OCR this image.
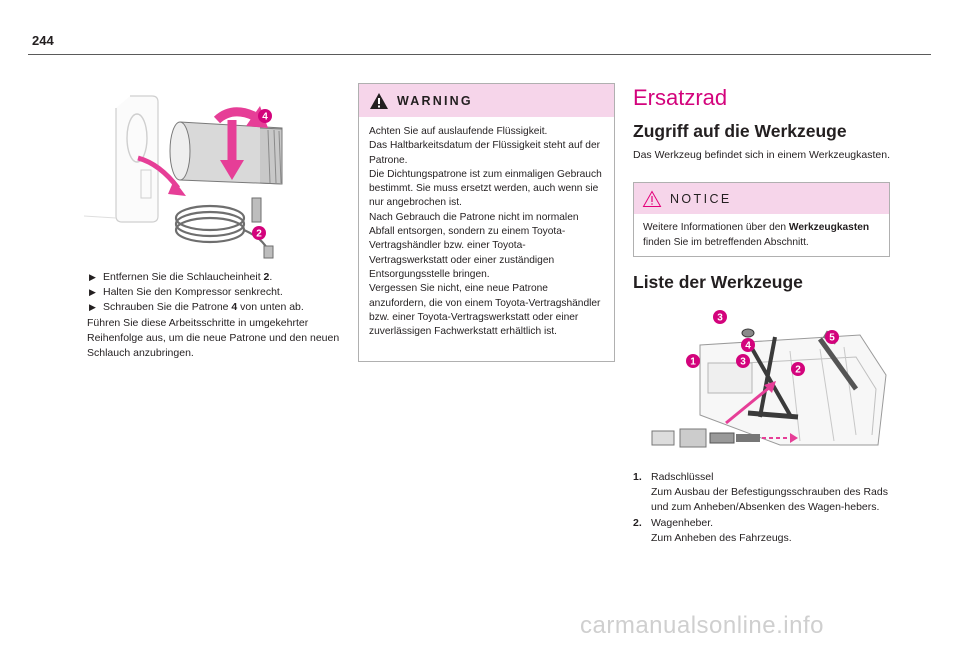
244
4
2
▶ Entfernen Sie die Schlaucheinheit 2.
▶ Halten Sie den Kompressor senkrecht.
▶ Schrauben Sie die Patrone 4 von unten ab.
Führen Sie diese Arbeitsschritte in umgekehrter Reihenfolge aus, um die neue Patrone und den neuen Schlauch anzubringen.
WARNING
Achten Sie auf auslaufende Flüssigkeit.
Das Haltbarkeitsdatum der Flüssigkeit steht auf der Patrone.
Die Dichtungspatrone ist zum einmaligen Gebrauch bestimmt. Sie muss ersetzt werden, auch wenn sie nur angebrochen ist.
Nach Gebrauch die Patrone nicht im normalen Abfall entsorgen, sondern zu einem Toyota-Vertragshändler bzw. einer Toyota-Vertragswerkstatt oder einer zuständigen Entsorgungsstelle bringen.
Vergessen Sie nicht, eine neue Patrone anzufordern, die von einem Toyota-Vertragshändler bzw. einer Toyota-Vertragswerkstatt oder einer zuverlässigen Fachwerkstatt erhältlich ist.
Ersatzrad
Zugriff auf die Werkzeuge
Das Werkzeug befindet sich in einem Werkzeugkasten.
NOTICE
Weitere Informationen über den Werkzeugkasten finden Sie im betreffenden Abschnitt.
Liste der Werkzeuge
3
4
5
1	3
2
1. Radschlüssel
Zum Ausbau der Befestigungsschrauben des Rads und zum Anheben/Absenken des Wagen-hebers.
2. Wagenheber.
Zum Anheben des Fahrzeugs.
carmanualsonline.info
